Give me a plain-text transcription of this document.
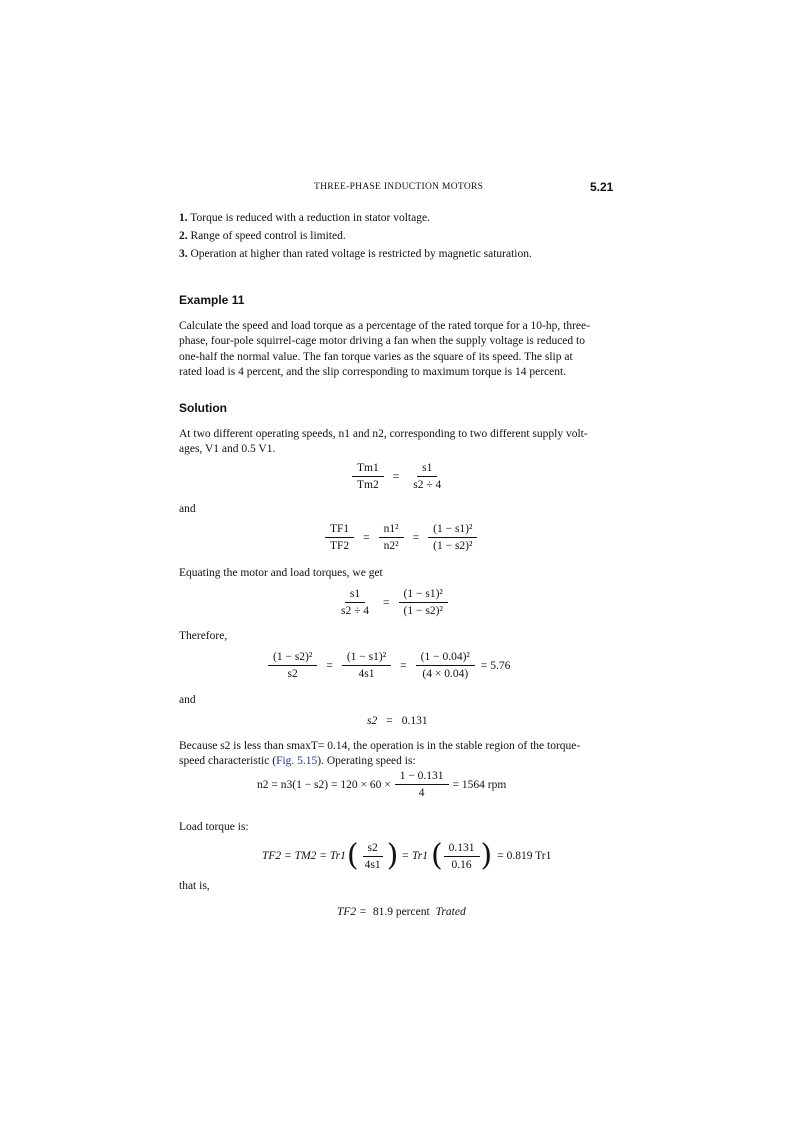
THREE-PHASE INDUCTION MOTORS	5.21
1. Torque is reduced with a reduction in stator voltage.
2. Range of speed control is limited.
3. Operation at higher than rated voltage is restricted by magnetic saturation.
Example 11
Calculate the speed and load torque as a percentage of the rated torque for a 10-hp, three-
phase, four-pole squirrel-cage motor driving a fan when the supply voltage is reduced to
one-half the normal value. The fan torque varies as the square of its speed. The slip at
rated load is 4 percent, and the slip corresponding to maximum torque is 14 percent.
Solution
At two different operating speeds, n1 and n2, corresponding to two different supply volt-
ages, V1 and 0.5 V1.
$\frac{Tm1}{Tm2} = \frac{s1}{s2 \div 4}$
and
$\frac{TF1}{TF2} = \frac{\text{n1²}}{\text{n2²}} = \frac{\text{(1 − s1)²}}{\text{(1 − s2)²}}$
Equating the motor and load torques, we get
$\frac{s1}{s2 \div 4} = \frac{\text{(1 − s1)²}}{\text{(1 − s2)²}}$
Therefore,
$\frac{\text{(1 − s2)²}}{s2} = \frac{\text{(1 − s1)²}}{4s1} = \frac{\text{(1 − 0.04)²}}{(4 \times 0.04)} = 5.76$
and
s2 = 0.131
Because s2 is less than smaxT= 0.14, the operation is in the stable region of the torque-
speed characteristic (Fig. 5.15). Operating speed is:
$n2 = n3(1 - s2) = 120 \times 60 \times \frac{1 - 0.131}{4} = 1564$ rpm
Load torque is:
TF2 = TM2 = Tr1 ( $\frac{s2}{4s1}$ ) = Tr1 ( $\frac{0.131}{0.16}$ ) = 0.819 Tr1
that is,
TF2 = 81.9 percent Trated
